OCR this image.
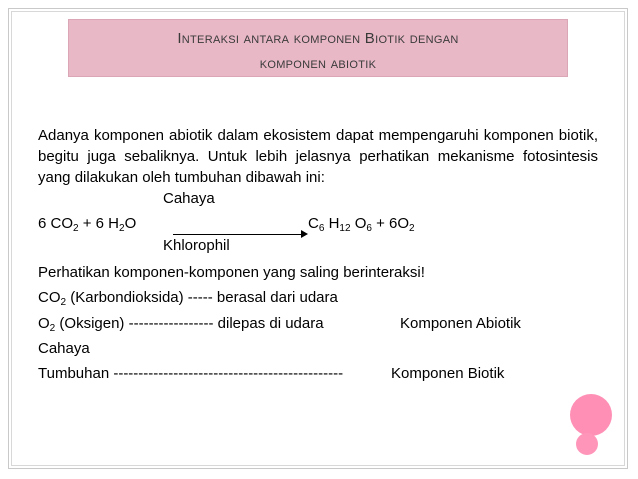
Interaksi antara komponen Biotik dengan
komponen abiotik

Adanya komponen abiotik dalam ekosistem dapat mempengaruhi komponen biotik, begitu juga sebaliknya. Untuk lebih jelasnya perhatikan mekanisme fotosintesis yang dilakukan oleh tumbuhan dibawah ini:

Cahaya
6 $CO_2 + 6$ $H_2O$	$C_6$ $H_{12}$ $O_6 + 6O_2$
Khlorophil
Perhatikan komponen-komponen yang saling berinteraksi!
$CO_2$ (Karbondioksida) ----- berasal dari udara
$O_2$ (Oksigen) ----------------- dilepas di udara	Komponen Abiotik
Cahaya
Tumbuhan ----------------------------------------------	Komponen Biotik
